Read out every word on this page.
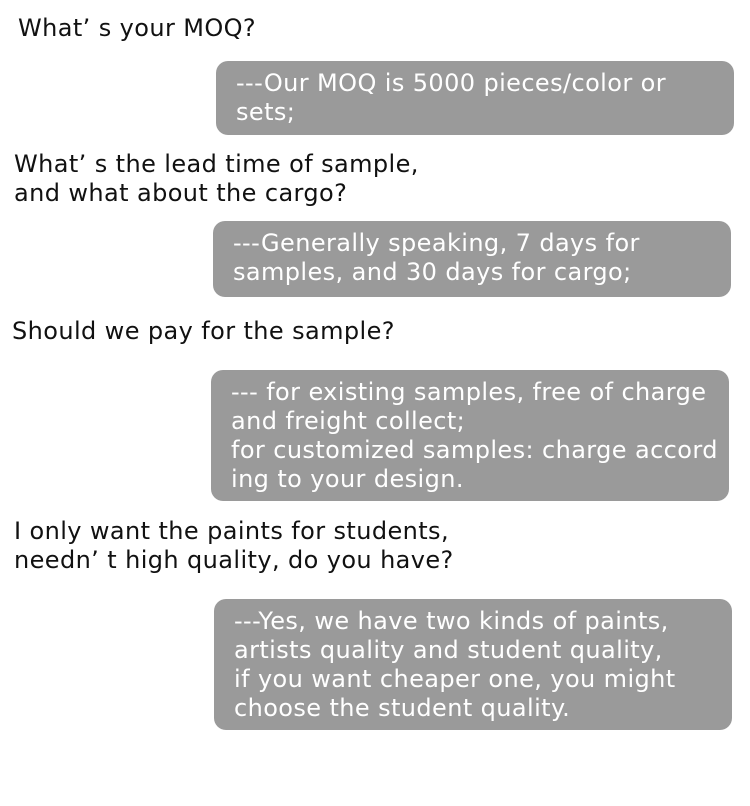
What’ s your MOQ?

---Our MOQ is 5000 pieces/color or
sets;

What’ s the lead time of sample,
and what about the cargo?

---Generally speaking, 7 days for
samples, and 30 days for cargo;

Should we pay for the sample?

--- for existing samples, free of charge
and freight collect;
for customized samples: charge accord
ing to your design.

I only want the paints for students,
needn’ t high quality, do you have?

---Yes, we have two kinds of paints,
artists quality and student quality,
if you want cheaper one, you might
choose the student quality.
